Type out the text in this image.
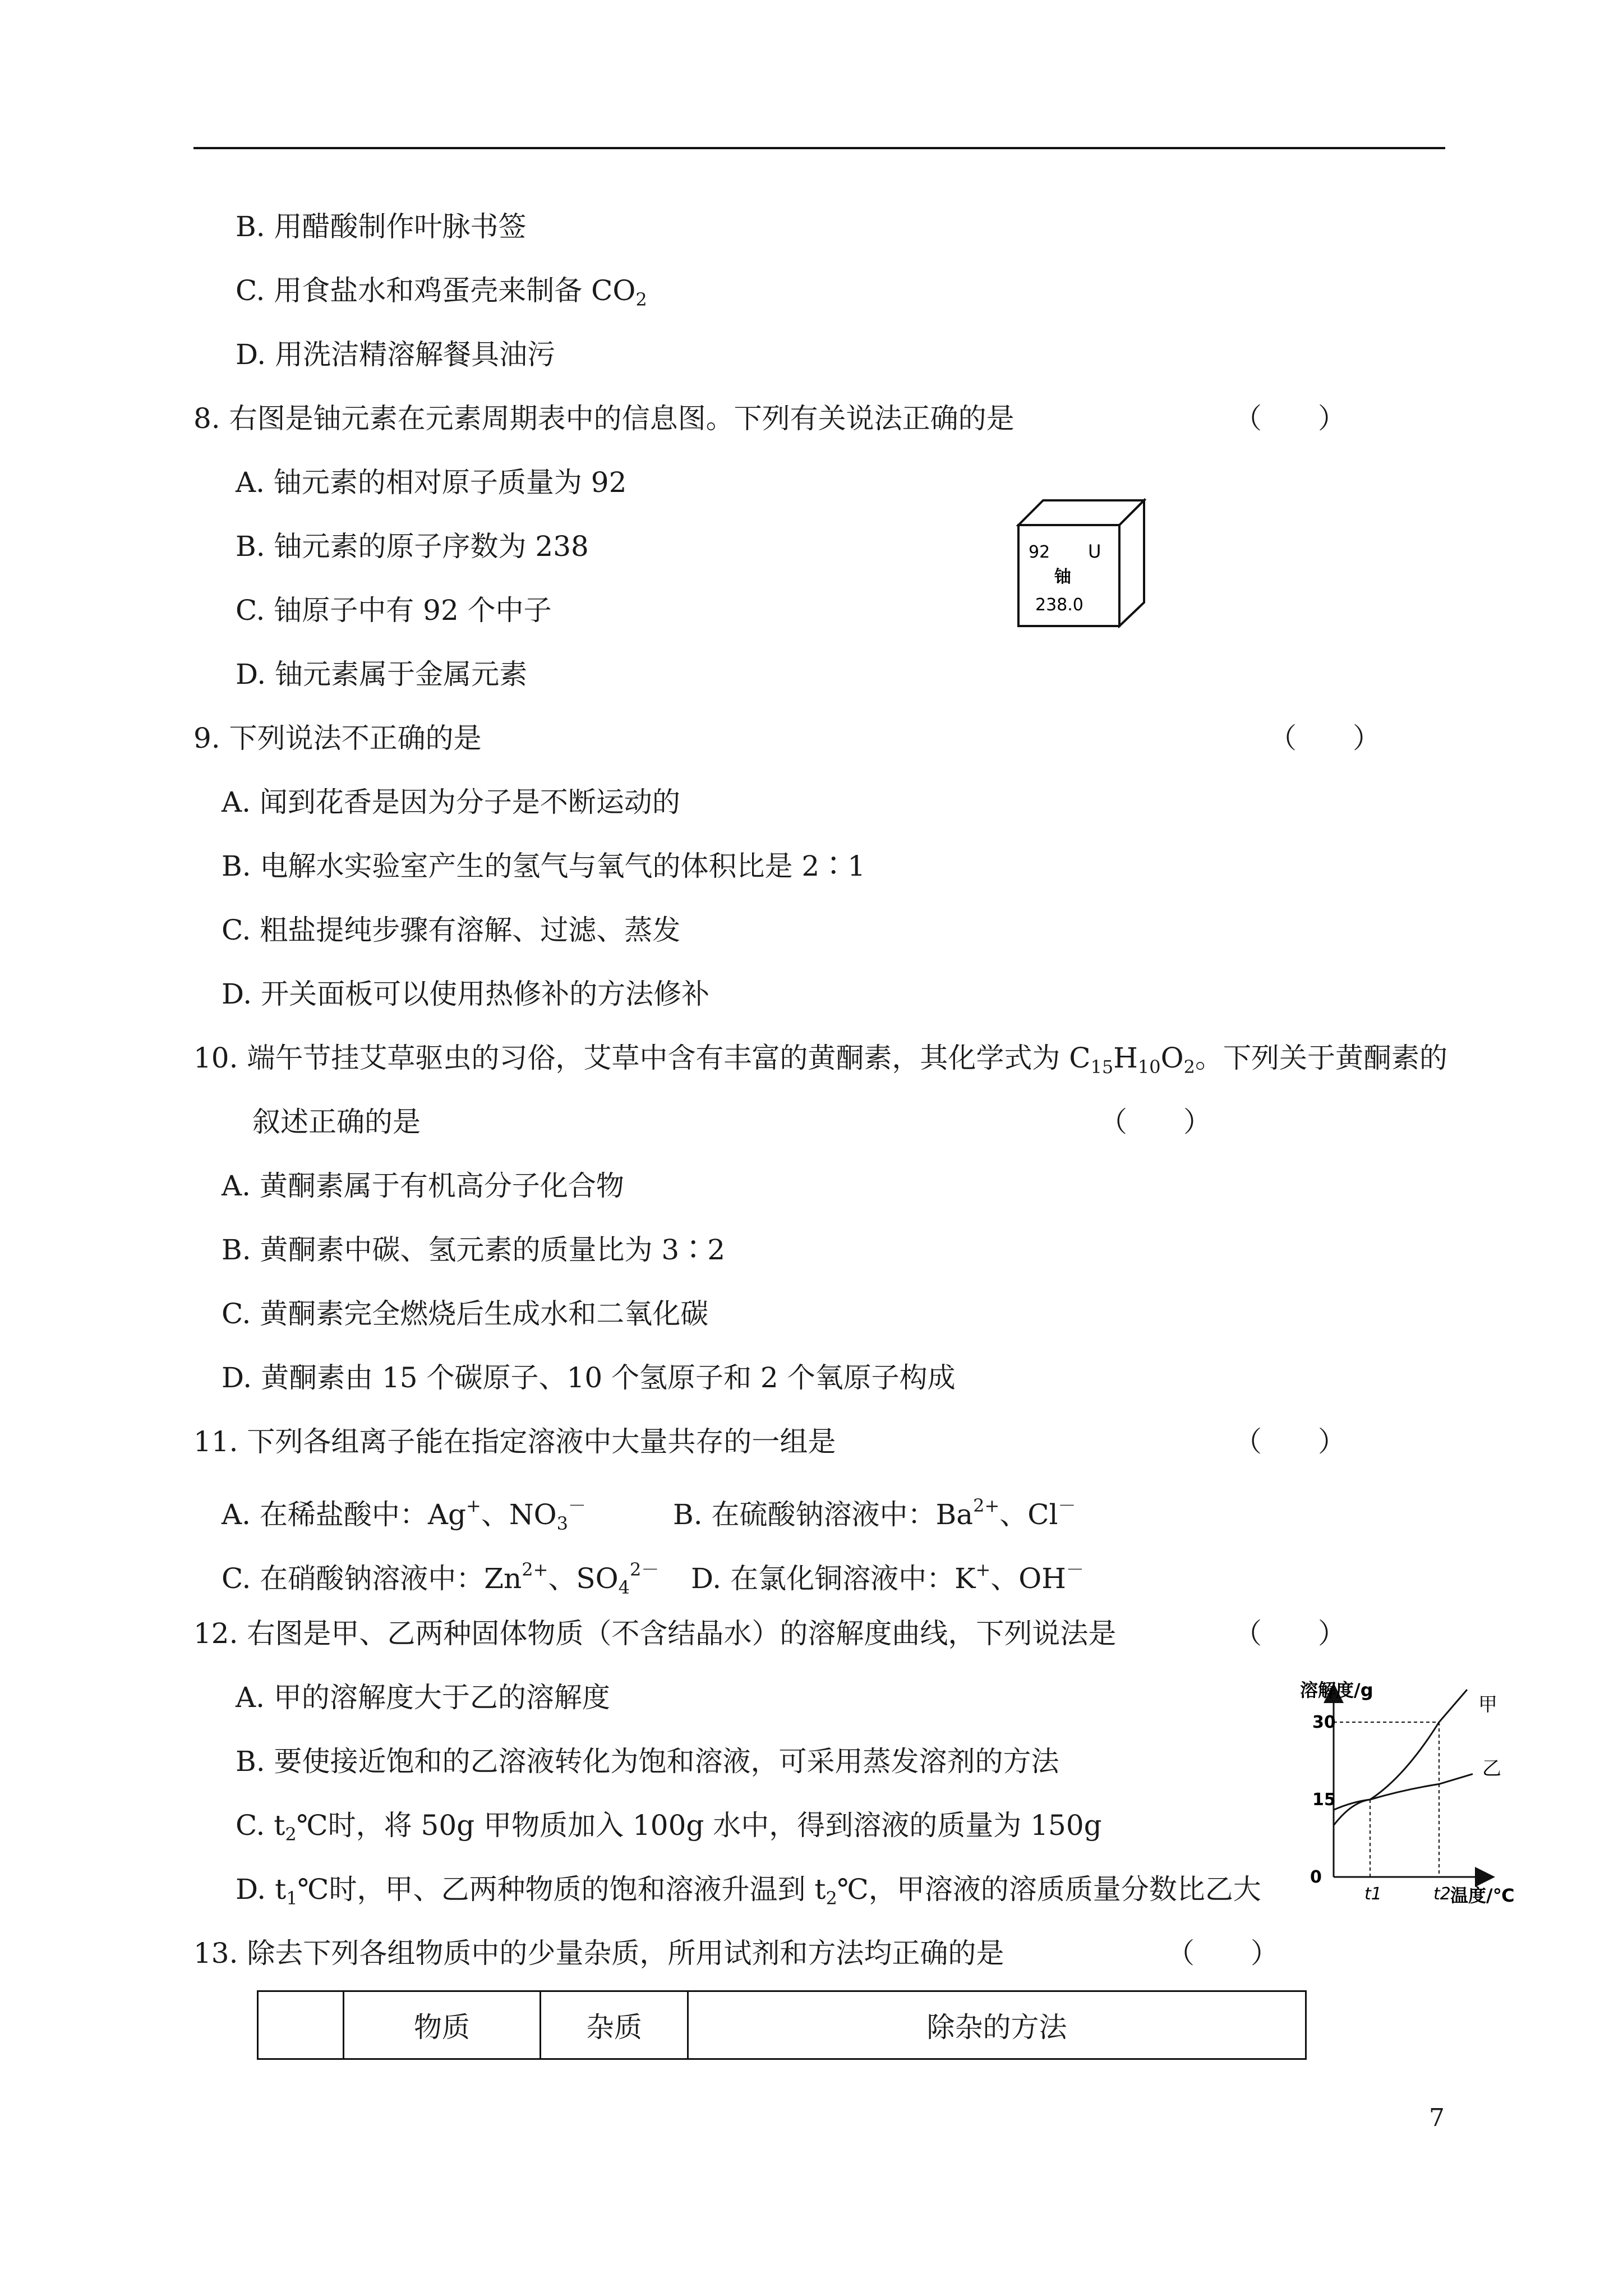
B. 用醋酸制作叶脉书签
C. 用食盐水和鸡蛋壳来制备 $CO_2$
D. 用洗洁精溶解餐具油污
8. 右图是铀元素在元素周期表中的信息图。下列有关说法正确的是	（　　）
A. 铀元素的相对原子质量为 92
B. 铀元素的原子序数为 238
C. 铀原子中有 92 个中子
D. 铀元素属于金属元素
92 U
铀
238.0
9. 下列说法不正确的是	（　　）
A. 闻到花香是因为分子是不断运动的
B. 电解水实验室产生的氢气与氧气的体积比是 2∶1
C. 粗盐提纯步骤有溶解、过滤、蒸发
D. 开关面板可以使用热修补的方法修补
10. 端午节挂艾草驱虫的习俗，艾草中含有丰富的黄酮素，其化学式为 $C_{15}H_{10}O_2$。下列关于黄酮素的
叙述正确的是	（　　）
A. 黄酮素属于有机高分子化合物
B. 黄酮素中碳、氢元素的质量比为 3∶2
C. 黄酮素完全燃烧后生成水和二氧化碳
D. 黄酮素由 15 个碳原子、10 个氢原子和 2 个氧原子构成
11. 下列各组离子能在指定溶液中大量共存的一组是	（　　）
A. 在稀盐酸中：Ag+、$NO_3^-$	B. 在硫酸钠溶液中：$Ba^{2+}$、Cl－
C. 在硝酸钠溶液中：$Zn^{2+}$、$SO_4^{2-}$ D. 在氯化铜溶液中：K+、OH－
12. 右图是甲、乙两种固体物质（不含结晶水）的溶解度曲线，下列说法是	（　　）
A. 甲的溶解度大于乙的溶解度
B. 要使接近饱和的乙溶液转化为饱和溶液，可采用蒸发溶剂的方法
C. $t_2℃$时，将 50g 甲物质加入 100g 水中，得到溶液的质量为 150g
D. $t_1℃$时，甲、乙两种物质的饱和溶液升温到 $t_2℃$，甲溶液的溶质质量分数比乙大
溶解度/g
温度/℃
0
15
30
t1	t2
甲
乙
13. 除去下列各组物质中的少量杂质，所用试剂和方法均正确的是	（　　）
	物质	杂质	除杂的方法
7
